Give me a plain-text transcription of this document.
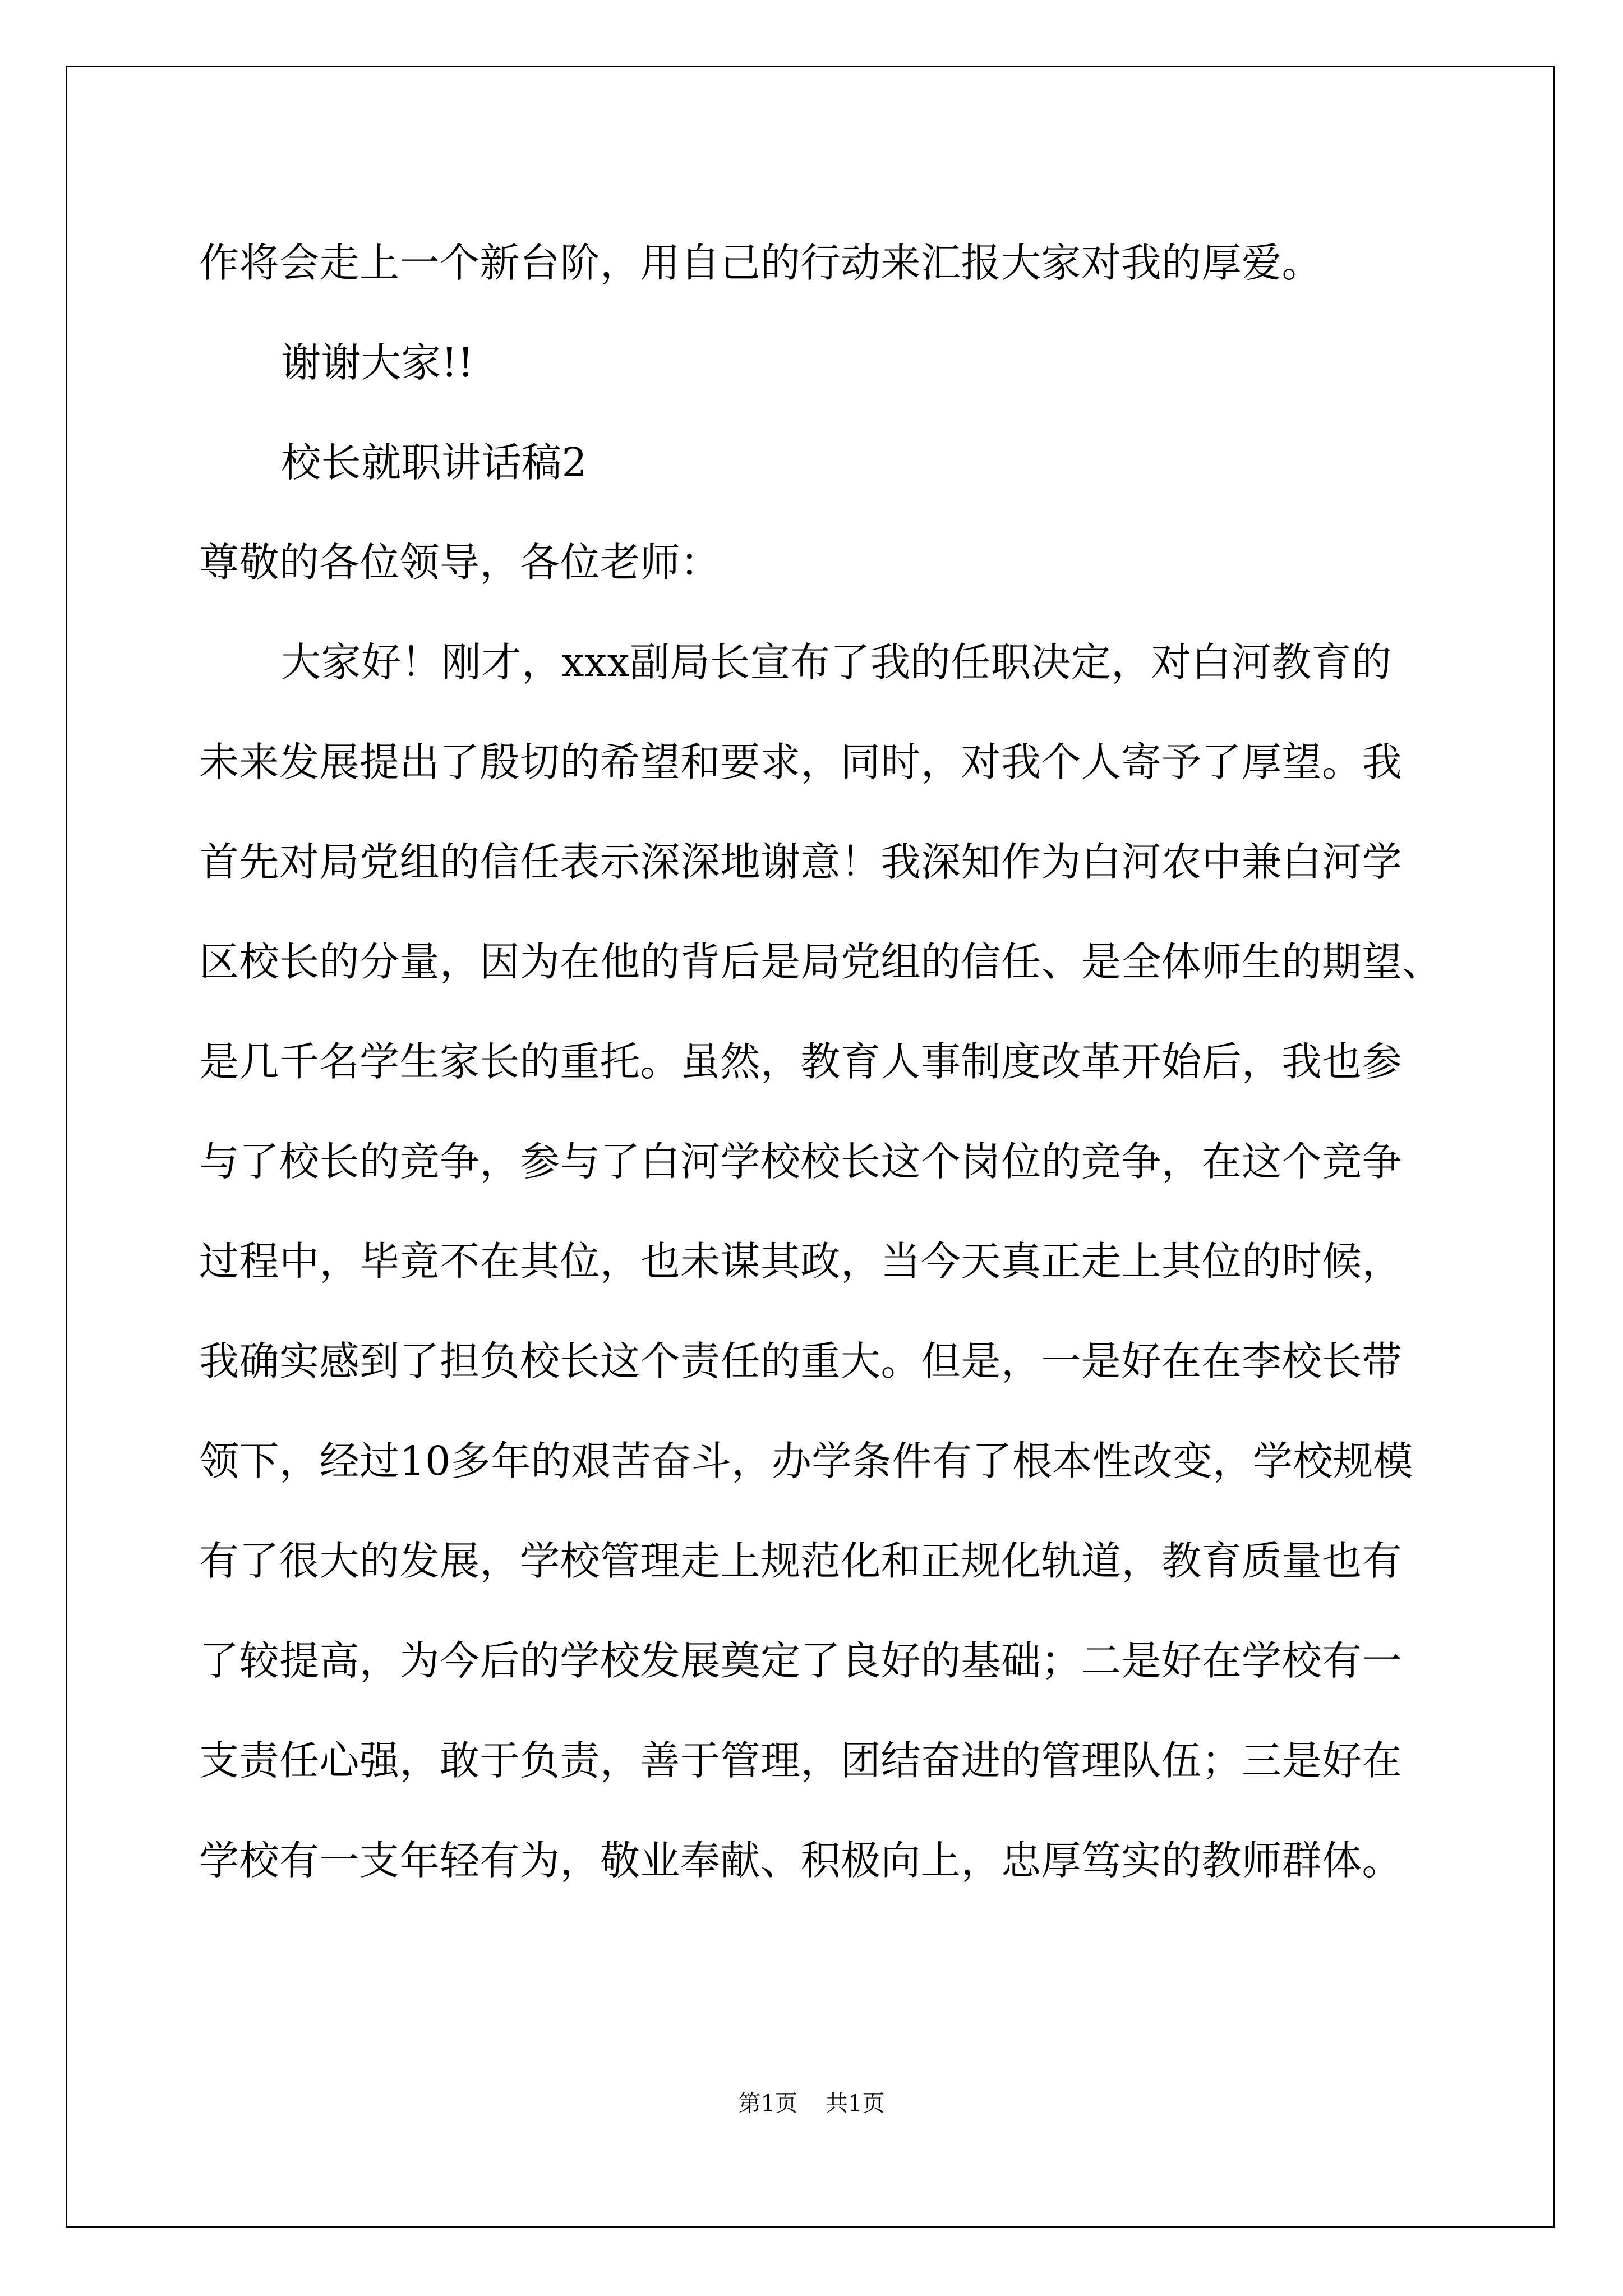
作将会走上一个新台阶，用自己的行动来汇报大家对我的厚爱。
谢谢大家!!
校长就职讲话稿2
尊敬的各位领导，各位老师：
大家好！刚才，xxx副局长宣布了我的任职决定，对白河教育的
未来发展提出了殷切的希望和要求，同时，对我个人寄予了厚望。我
首先对局党组的信任表示深深地谢意！我深知作为白河农中兼白河学
区校长的分量，因为在他的背后是局党组的信任、是全体师生的期望、
是几千名学生家长的重托。虽然，教育人事制度改革开始后，我也参
与了校长的竞争，参与了白河学校校长这个岗位的竞争，在这个竞争
过程中，毕竟不在其位，也未谋其政，当今天真正走上其位的时候，
我确实感到了担负校长这个责任的重大。但是，一是好在在李校长带
领下，经过10多年的艰苦奋斗，办学条件有了根本性改变，学校规模
有了很大的发展，学校管理走上规范化和正规化轨道，教育质量也有
了较提高，为今后的学校发展奠定了良好的基础；二是好在学校有一
支责任心强，敢于负责，善于管理，团结奋进的管理队伍；三是好在
学校有一支年轻有为，敬业奉献、积极向上，忠厚笃实的教师群体。
第1页 共1页
